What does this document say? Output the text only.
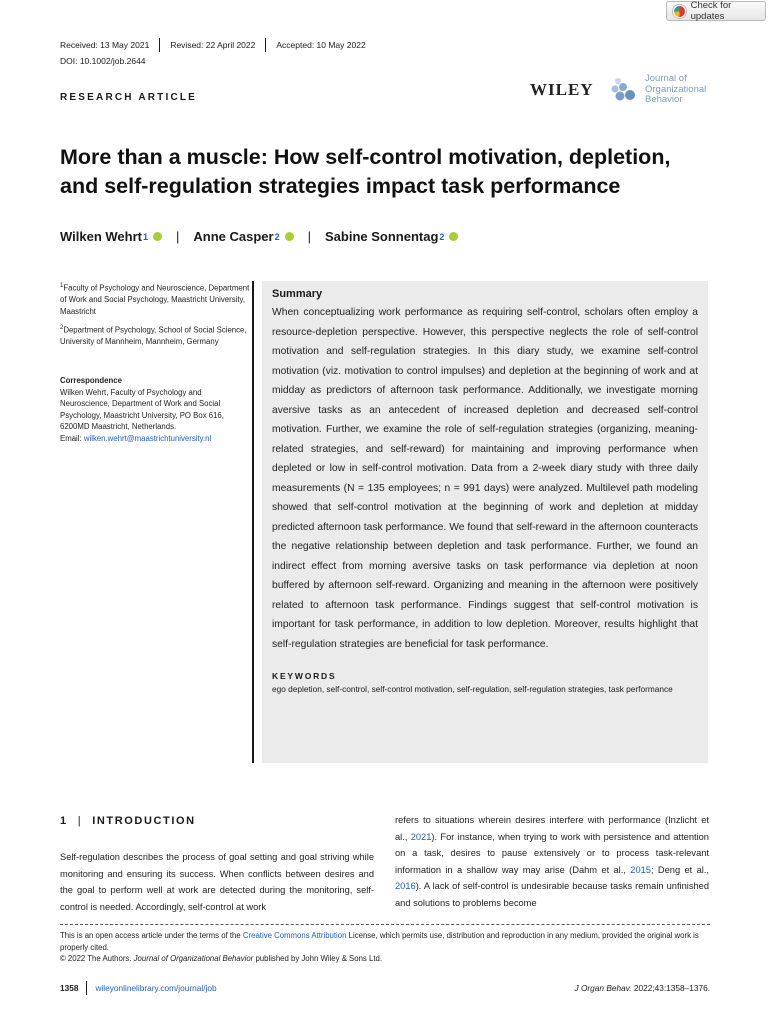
Check for updates
Received: 13 May 2021	Revised: 22 April 2022	Accepted: 10 May 2022
DOI: 10.1002/job.2644
RESEARCH ARTICLE	WILEY
Journal of
Organizational
Behavior
More than a muscle: How self-control motivation, depletion, and self-regulation strategies impact task performance
Wilken Wehrt 1 | Anne Casper 2 | Sabine Sonnentag 2
$^1$Faculty of Psychology and Neuroscience, Department of Work and Social Psychology, Maastricht University, Maastricht
$^2$Department of Psychology, School of Social Science, University of Mannheim, Mannheim, Germany
Correspondence
Wilken Wehrt, Faculty of Psychology and Neuroscience, Department of Work and Social Psychology, Maastricht University, PO Box 616, 6200MD Maastricht, Netherlands.
Email: wilken.wehrt@maastrichtuniversity.nl
Summary
When conceptualizing work performance as requiring self-control, scholars often employ a resource-depletion perspective. However, this perspective neglects the role of self-control motivation and self-regulation strategies. In this diary study, we examine self-control motivation (viz. motivation to control impulses) and depletion at the beginning of work and at midday as predictors of afternoon task performance. Additionally, we investigate morning aversive tasks as an antecedent of increased depletion and decreased self-control motivation. Further, we examine the role of self-regulation strategies (organizing, meaning-related strategies, and self-reward) for maintaining and improving performance when depleted or low in self-control motivation. Data from a 2-week diary study with three daily measurements (N = 135 employees; n = 991 days) were analyzed. Multilevel path modeling showed that self-control motivation at the beginning of work and depletion at midday predicted afternoon task performance. We found that self-reward in the afternoon counteracts the negative relationship between depletion and task performance. Further, we found an indirect effect from morning aversive tasks on task performance via depletion at noon buffered by afternoon self-reward. Organizing and meaning in the afternoon were positively related to afternoon task performance. Findings suggest that self-control motivation is important for task performance, in addition to low depletion. Moreover, results highlight that self-regulation strategies are beneficial for task performance.
KEYWORDS
ego depletion, self-control, self-control motivation, self-regulation, self-regulation strategies, task performance
1 | INTRODUCTION
Self-regulation describes the process of goal setting and goal striving while monitoring and ensuring its success. When conflicts between desires and the goal to perform well at work are detected during the monitoring, self-control is needed. Accordingly, self-control at work
refers to situations wherein desires interfere with performance (Inzlicht et al., 2021). For instance, when trying to work with persistence and attention on a task, desires to pause extensively or to process task-relevant information in a shallow way may arise (Dahm et al., 2015; Deng et al., 2016). A lack of self-control is undesirable because tasks remain unfinished and solutions to problems become
This is an open access article under the terms of the Creative Commons Attribution License, which permits use, distribution and reproduction in any medium, provided the original work is properly cited.
© 2022 The Authors. Journal of Organizational Behavior published by John Wiley & Sons Ltd.
1358 wileyonlinelibrary.com/journal/job	J Organ Behav. 2022;43:1358–1376.
